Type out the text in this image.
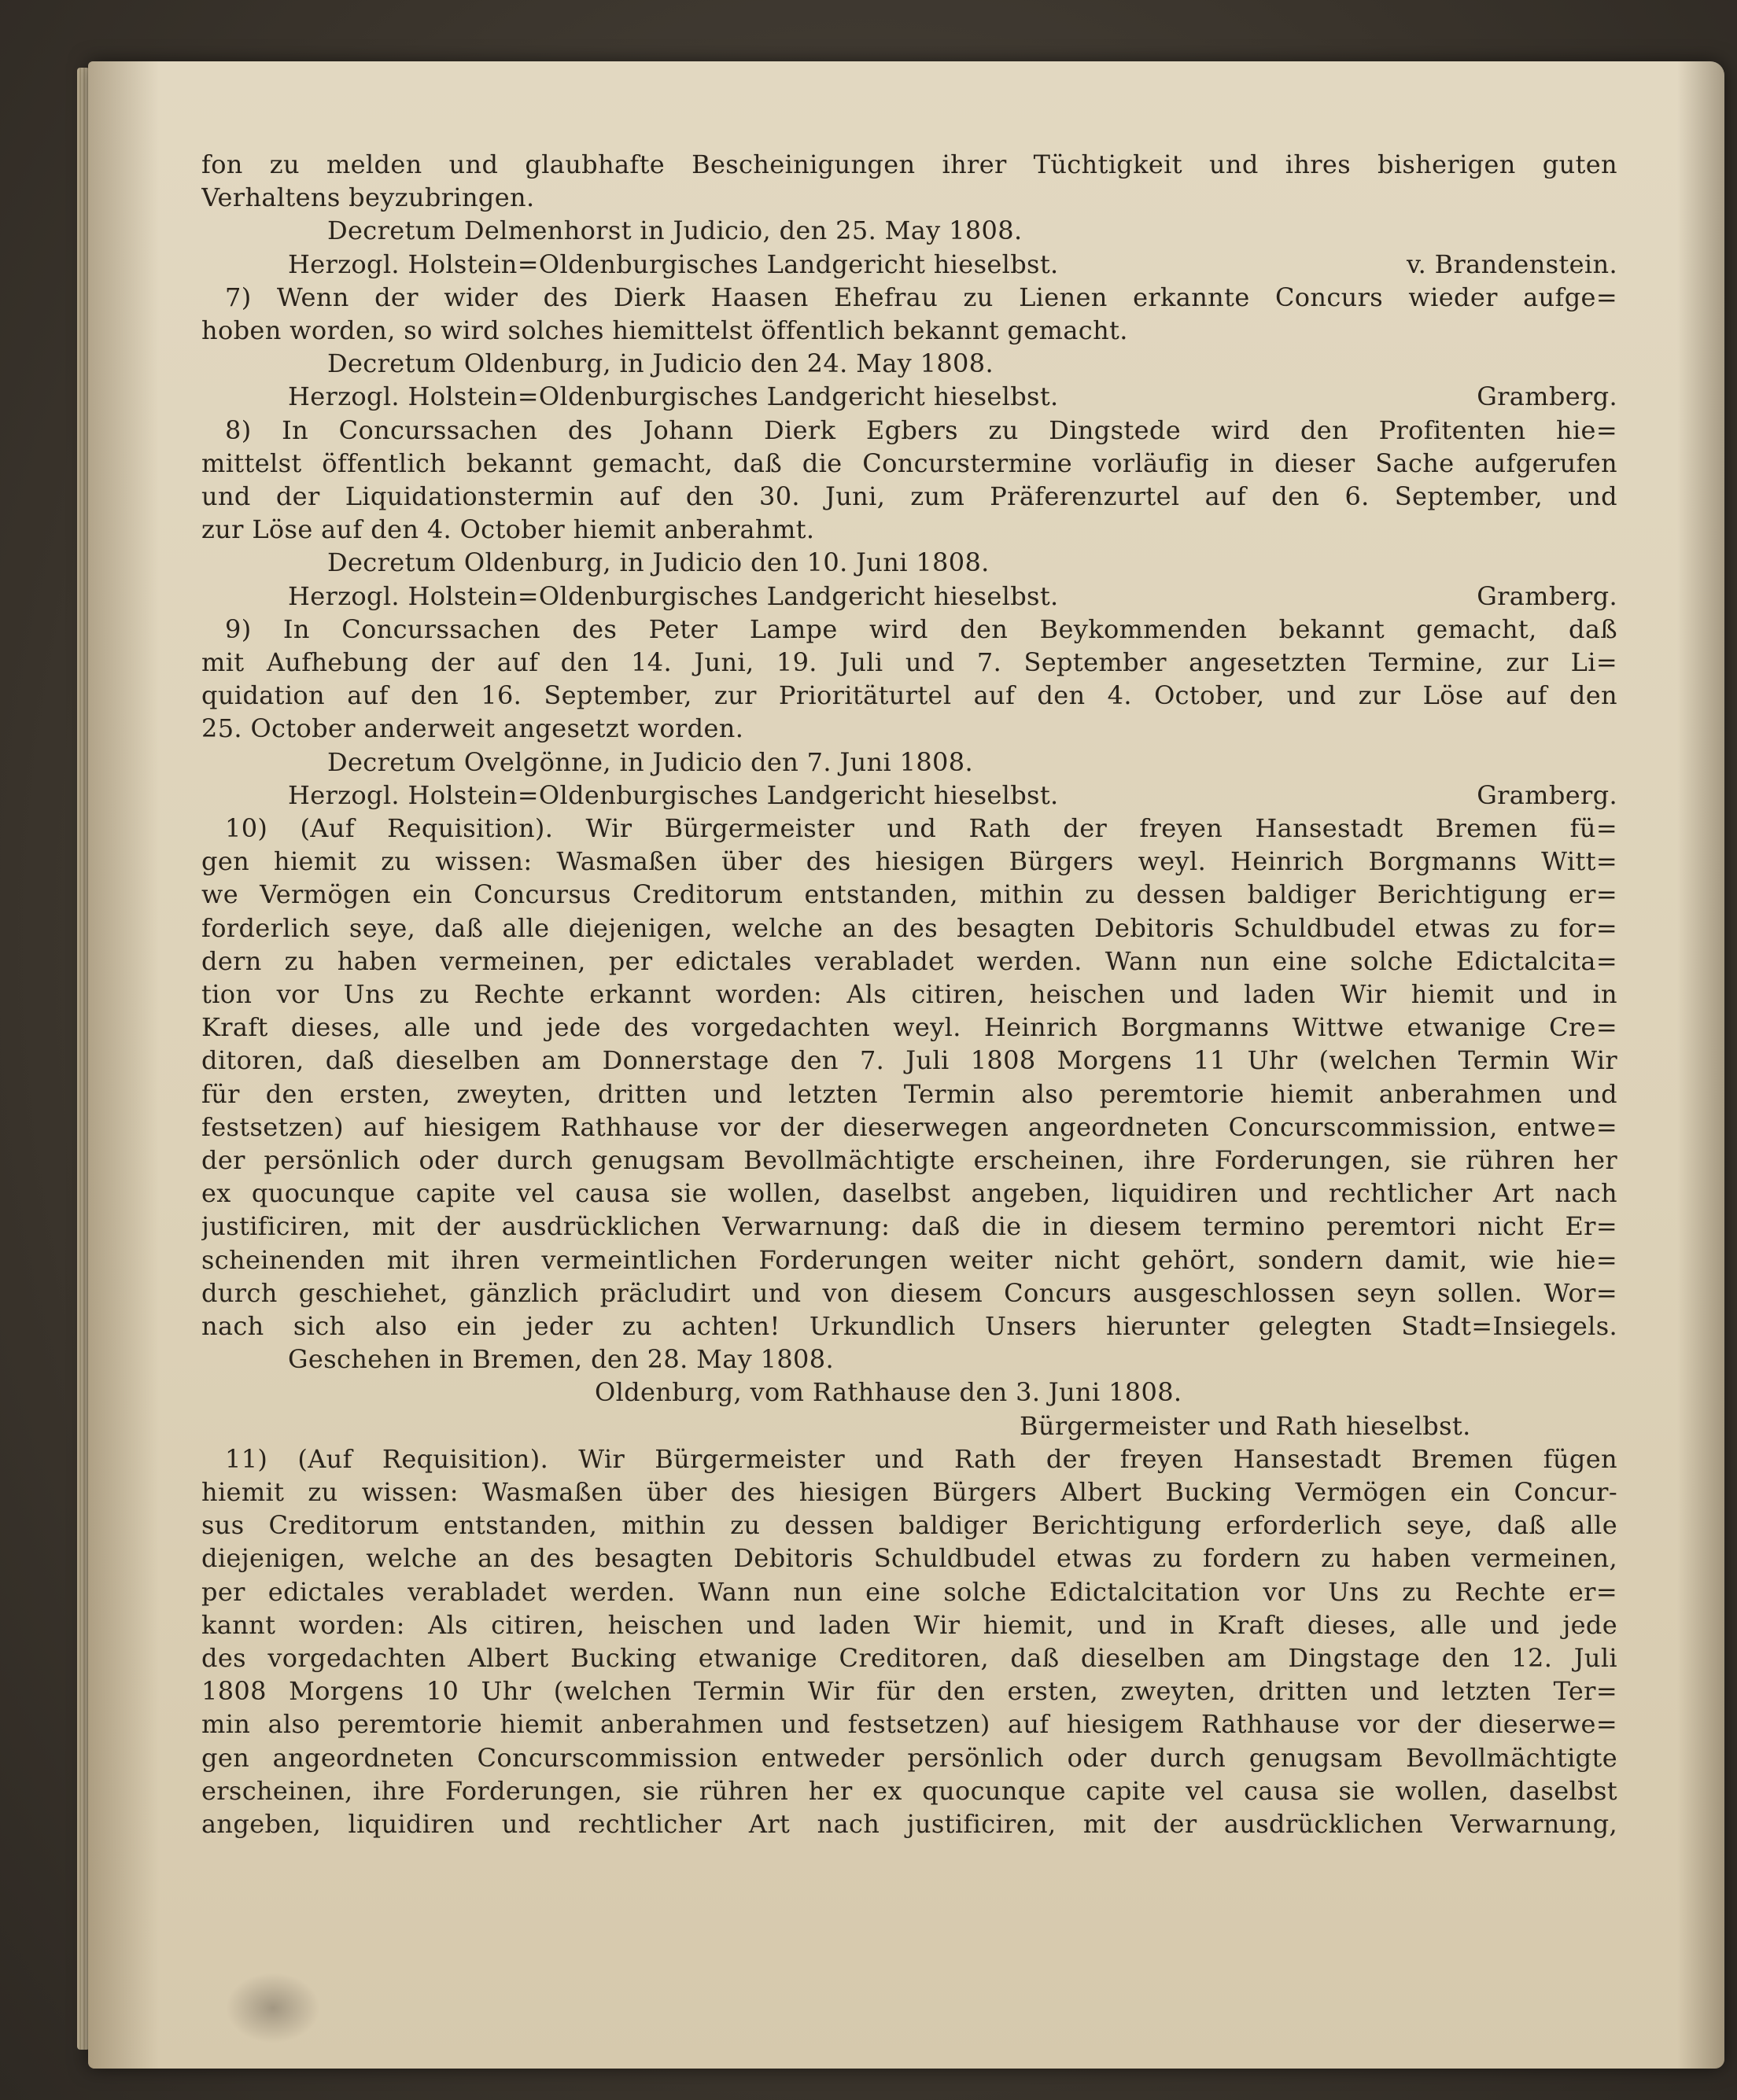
fon zu melden und glaubhafte Bescheinigungen ihrer Tüchtigkeit und ihres bisherigen guten
Verhaltens beyzubringen.
Decretum Delmenhorst in Judicio, den 25. May 1808.
Herzogl. Holstein=Oldenburgisches Landgericht hieselbst.	v. Brandenstein.
7) Wenn der wider des Dierk Haasen Ehefrau zu Lienen erkannte Concurs wieder aufge=
hoben worden, so wird solches hiemittelst öffentlich bekannt gemacht.
Decretum Oldenburg, in Judicio den 24. May 1808.
Herzogl. Holstein=Oldenburgisches Landgericht hieselbst.	Gramberg.
8) In Concurssachen des Johann Dierk Egbers zu Dingstede wird den Profitenten hie=
mittelst öffentlich bekannt gemacht, daß die Concurstermine vorläufig in dieser Sache aufgerufen
und der Liquidationstermin auf den 30. Juni, zum Präferenzurtel auf den 6. September, und
zur Löse auf den 4. October hiemit anberahmt.
Decretum Oldenburg, in Judicio den 10. Juni 1808.
Herzogl. Holstein=Oldenburgisches Landgericht hieselbst.	Gramberg.
9) In Concurssachen des Peter Lampe wird den Beykommenden bekannt gemacht, daß
mit Aufhebung der auf den 14. Juni, 19. Juli und 7. September angesetzten Termine, zur Li=
quidation auf den 16. September, zur Prioritäturtel auf den 4. October, und zur Löse auf den
25. October anderweit angesetzt worden.
Decretum Ovelgönne, in Judicio den 7. Juni 1808.
Herzogl. Holstein=Oldenburgisches Landgericht hieselbst.	Gramberg.
10) (Auf Requisition). Wir Bürgermeister und Rath der freyen Hansestadt Bremen fü=
gen hiemit zu wissen: Wasmaßen über des hiesigen Bürgers weyl. Heinrich Borgmanns Witt=
we Vermögen ein Concursus Creditorum entstanden, mithin zu dessen baldiger Berichtigung er=
forderlich seye, daß alle diejenigen, welche an des besagten Debitoris Schuldbudel etwas zu for=
dern zu haben vermeinen, per edictales verabladet werden. Wann nun eine solche Edictalcita=
tion vor Uns zu Rechte erkannt worden: Als citiren, heischen und laden Wir hiemit und in
Kraft dieses, alle und jede des vorgedachten weyl. Heinrich Borgmanns Wittwe etwanige Cre=
ditoren, daß dieselben am Donnerstage den 7. Juli 1808 Morgens 11 Uhr (welchen Termin Wir
für den ersten, zweyten, dritten und letzten Termin also peremtorie hiemit anberahmen und
festsetzen) auf hiesigem Rathhause vor der dieserwegen angeordneten Concurscommission, entwe=
der persönlich oder durch genugsam Bevollmächtigte erscheinen, ihre Forderungen, sie rühren her
ex quocunque capite vel causa sie wollen, daselbst angeben, liquidiren und rechtlicher Art nach
justificiren, mit der ausdrücklichen Verwarnung: daß die in diesem termino peremtori nicht Er=
scheinenden mit ihren vermeintlichen Forderungen weiter nicht gehört, sondern damit, wie hie=
durch geschiehet, gänzlich präcludirt und von diesem Concurs ausgeschlossen seyn sollen. Wor=
nach sich also ein jeder zu achten! Urkundlich Unsers hierunter gelegten Stadt=Insiegels.
Geschehen in Bremen, den 28. May 1808.
Oldenburg, vom Rathhause den 3. Juni 1808.
Bürgermeister und Rath hieselbst.
11) (Auf Requisition). Wir Bürgermeister und Rath der freyen Hansestadt Bremen fügen
hiemit zu wissen: Wasmaßen über des hiesigen Bürgers Albert Bucking Vermögen ein Concur-
sus Creditorum entstanden, mithin zu dessen baldiger Berichtigung erforderlich seye, daß alle
diejenigen, welche an des besagten Debitoris Schuldbudel etwas zu fordern zu haben vermeinen,
per edictales verabladet werden. Wann nun eine solche Edictalcitation vor Uns zu Rechte er=
kannt worden: Als citiren, heischen und laden Wir hiemit, und in Kraft dieses, alle und jede
des vorgedachten Albert Bucking etwanige Creditoren, daß dieselben am Dingstage den 12. Juli
1808 Morgens 10 Uhr (welchen Termin Wir für den ersten, zweyten, dritten und letzten Ter=
min also peremtorie hiemit anberahmen und festsetzen) auf hiesigem Rathhause vor der dieserwe=
gen angeordneten Concurscommission entweder persönlich oder durch genugsam Bevollmächtigte
erscheinen, ihre Forderungen, sie rühren her ex quocunque capite vel causa sie wollen, daselbst
angeben, liquidiren und rechtlicher Art nach justificiren, mit der ausdrücklichen Verwarnung,
